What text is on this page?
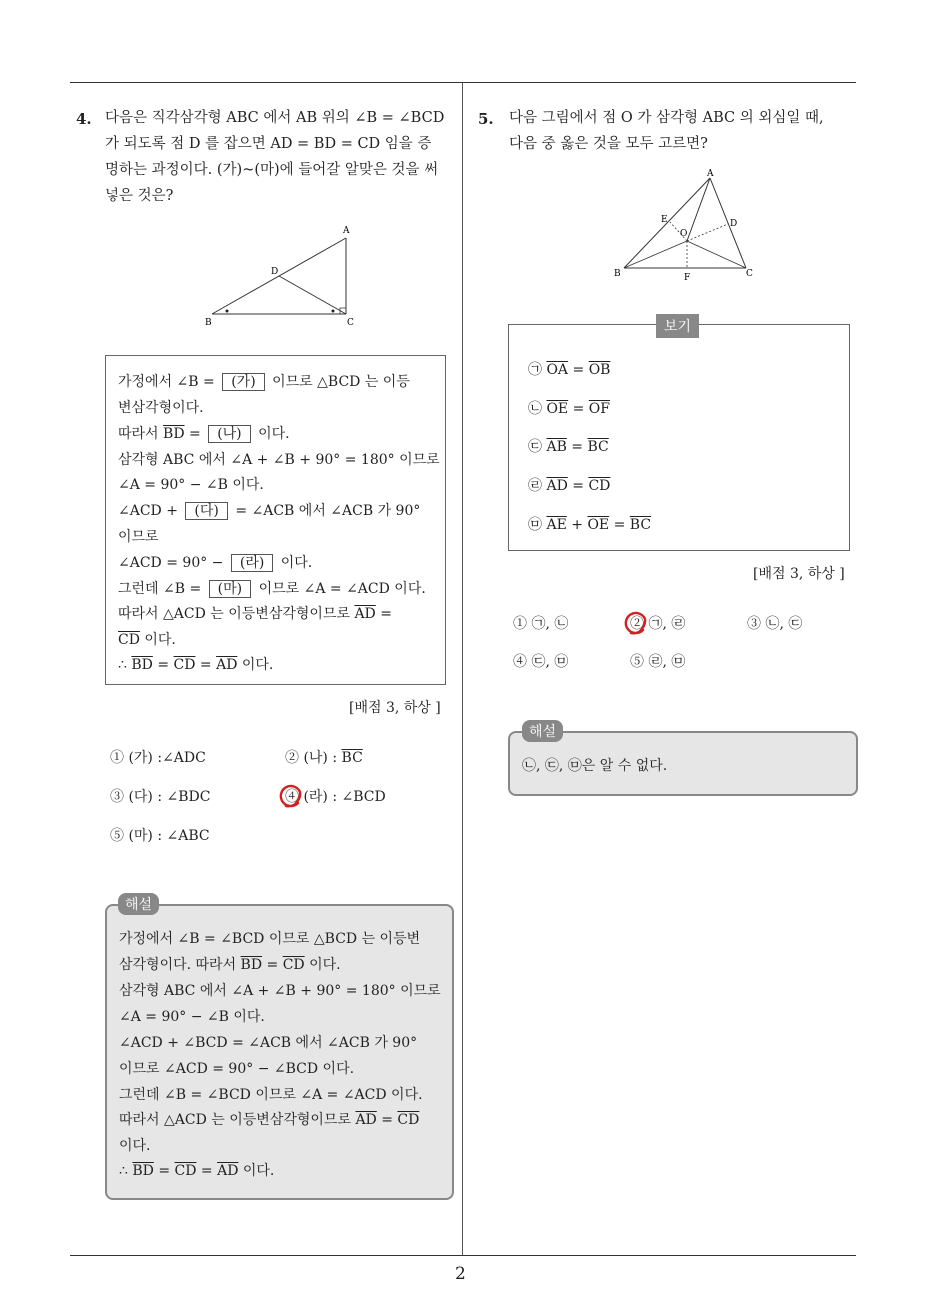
2
4. 다음은 직각삼각형 ABC 에서 AB 위의 ∠B = ∠BCD
가 되도록 점 D 를 잡으면 AD = BD = CD 임을 증
명하는 과정이다. (가)~(마)에 들어갈 알맞은 것을 써
넣은 것은?
A
B	C
D
가정에서 ∠B = (가) 이므로 △BCD 는 이등
변삼각형이다.
따라서 $\overline{BD}$ = (나) 이다.
삼각형 ABC 에서 ∠A + ∠B + 90° = 180° 이므로
∠A = 90° − ∠B 이다.
∠ACD + (다) = ∠ACB 에서 ∠ACB 가 90°
이므로
∠ACD = 90° − (라) 이다.
그런데 ∠B = (마) 이므로 ∠A = ∠ACD 이다.
따라서 △ACD 는 이등변삼각형이므로 $\overline{AD}$ =
$\overline{CD}$ 이다.
∴ $\overline{BD} = \overline{CD} = \overline{AD}$ 이다.
[배점 3, 하상 ]
① (가) :∠ADC	② (나) : $\overline{BC}$
③ (다) : ∠BDC	④ (라) : ∠BCD
⑤ (마) : ∠ABC
가정에서 ∠B = ∠BCD 이므로 △BCD 는 이등변
삼각형이다. 따라서 $\overline{BD} = \overline{CD}$ 이다.
삼각형 ABC 에서 ∠A + ∠B + 90° = 180° 이므로
∠A = 90° − ∠B 이다.
∠ACD + ∠BCD = ∠ACB 에서 ∠ACB 가 90°
이므로 ∠ACD = 90° − ∠BCD 이다.
그런데 ∠B = ∠BCD 이므로 ∠A = ∠ACD 이다.
따라서 △ACD 는 이등변삼각형이므로 $\overline{AD} = \overline{CD}$
이다.
∴ $\overline{BD} = \overline{CD} = \overline{AD}$ 이다.
해설
5. 다음 그림에서 점 O 가 삼각형 ABC 의 외심일 때,
다음 중 옳은 것을 모두 고르면?
A
B	C
D
E
F
O
보기
㉠ $\overline{OA} = \overline{OB}$
㉡ $\overline{OE} = \overline{OF}$
㉢ $\overline{AB} = \overline{BC}$
㉣ $\overline{AD} = \overline{CD}$
㉤ $\overline{AE} + \overline{OE} = \overline{BC}$
[배점 3, 하상 ]
① ㉠, ㉡	② ㉠, ㉣	③ ㉡, ㉢
④ ㉢, ㉤	⑤ ㉣, ㉤
㉡, ㉢, ㉤은 알 수 없다.
해설
